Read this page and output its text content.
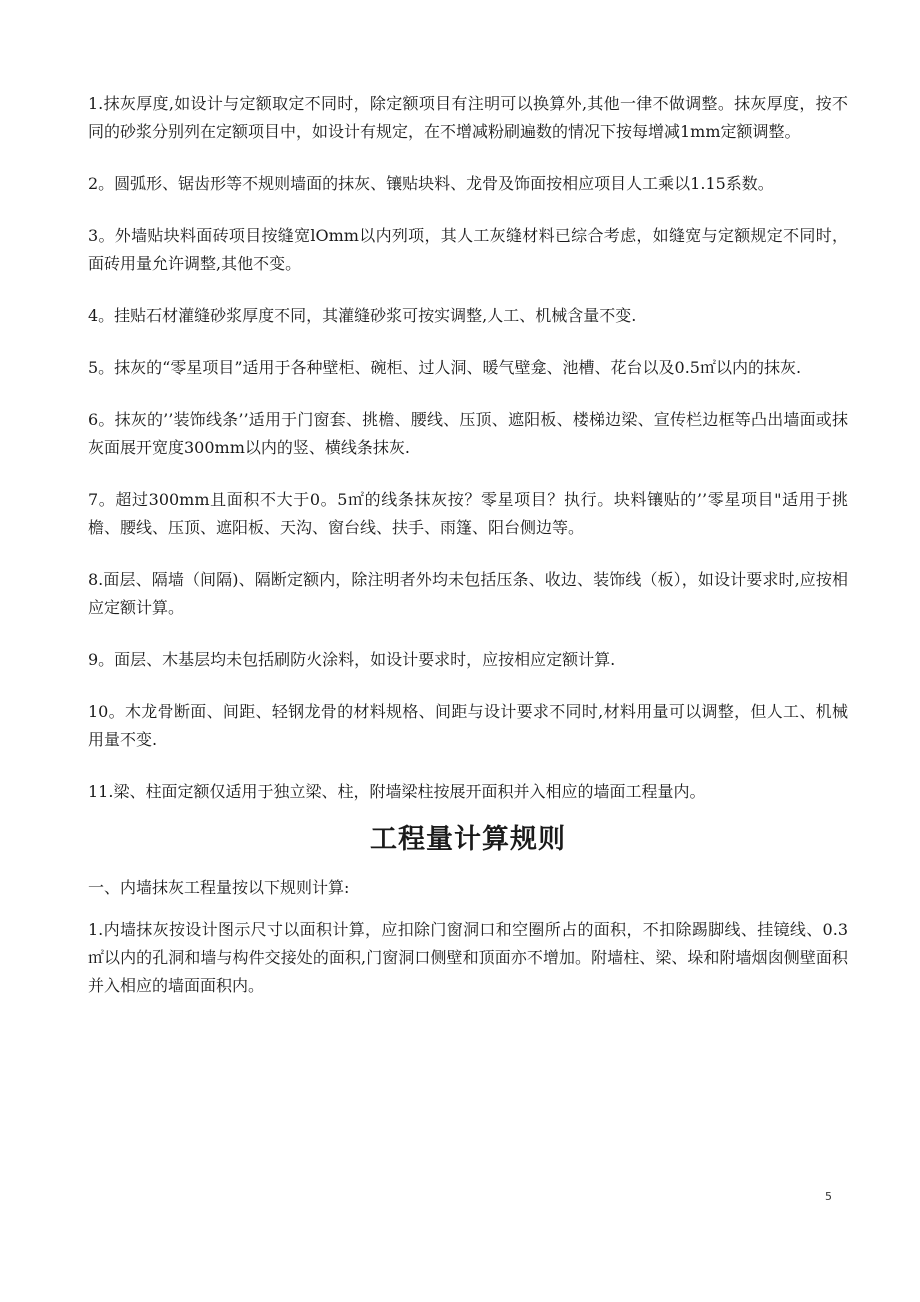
1.抹灰厚度,如设计与定额取定不同时，除定额项目有注明可以换算外,其他一律不做调整。抹灰厚度，按不同的砂浆分别列在定额项目中，如设计有规定，在不增减粉刷遍数的情况下按每增减1mm定额调整。

2。圆弧形、锯齿形等不规则墙面的抹灰、镶贴块料、龙骨及饰面按相应项目人工乘以1.15系数。

3。外墙贴块料面砖项目按缝宽lOmm以内列项，其人工灰缝材料已综合考虑，如缝宽与定额规定不同时，面砖用量允许调整,其他不变。

4。挂贴石材灌缝砂浆厚度不同，其灌缝砂浆可按实调整,人工、机械含量不变.

5。抹灰的“零星项目”适用于各种壁柜、碗柜、过人洞、暖气壁龛、池槽、花台以及0.5㎡以内的抹灰.

6。抹灰的’’装饰线条’’适用于门窗套、挑檐、腰线、压顶、遮阳板、楼梯边梁、宣传栏边框等凸出墙面或抹灰面展开宽度300mm以内的竖、横线条抹灰.

7。超过300mm且面积不大于0。5㎡的线条抹灰按？零星项目？执行。块料镶贴的’’零星项目"适用于挑檐、腰线、压顶、遮阳板、天沟、窗台线、扶手、雨篷、阳台侧边等。

8.面层、隔墙（间隔)、隔断定额内，除注明者外均未包括压条、收边、装饰线（板），如设计要求时,应按相应定额计算。

9。面层、木基层均未包括刷防火涂料，如设计要求时，应按相应定额计算.

10。木龙骨断面、间距、轻钢龙骨的材料规格、间距与设计要求不同时,材料用量可以调整，但人工、机械用量不变.

11.梁、柱面定额仅适用于独立梁、柱，附墙梁柱按展开面积并入相应的墙面工程量内。

工程量计算规则

一、内墙抹灰工程量按以下规则计算:

1.内墙抹灰按设计图示尺寸以面积计算，应扣除门窗洞口和空圈所占的面积，不扣除踢脚线、挂镜线、0.3㎡以内的孔洞和墙与构件交接处的面积,门窗洞口侧壁和顶面亦不增加。附墙柱、梁、垛和附墙烟囱侧壁面积并入相应的墙面面积内。

5
